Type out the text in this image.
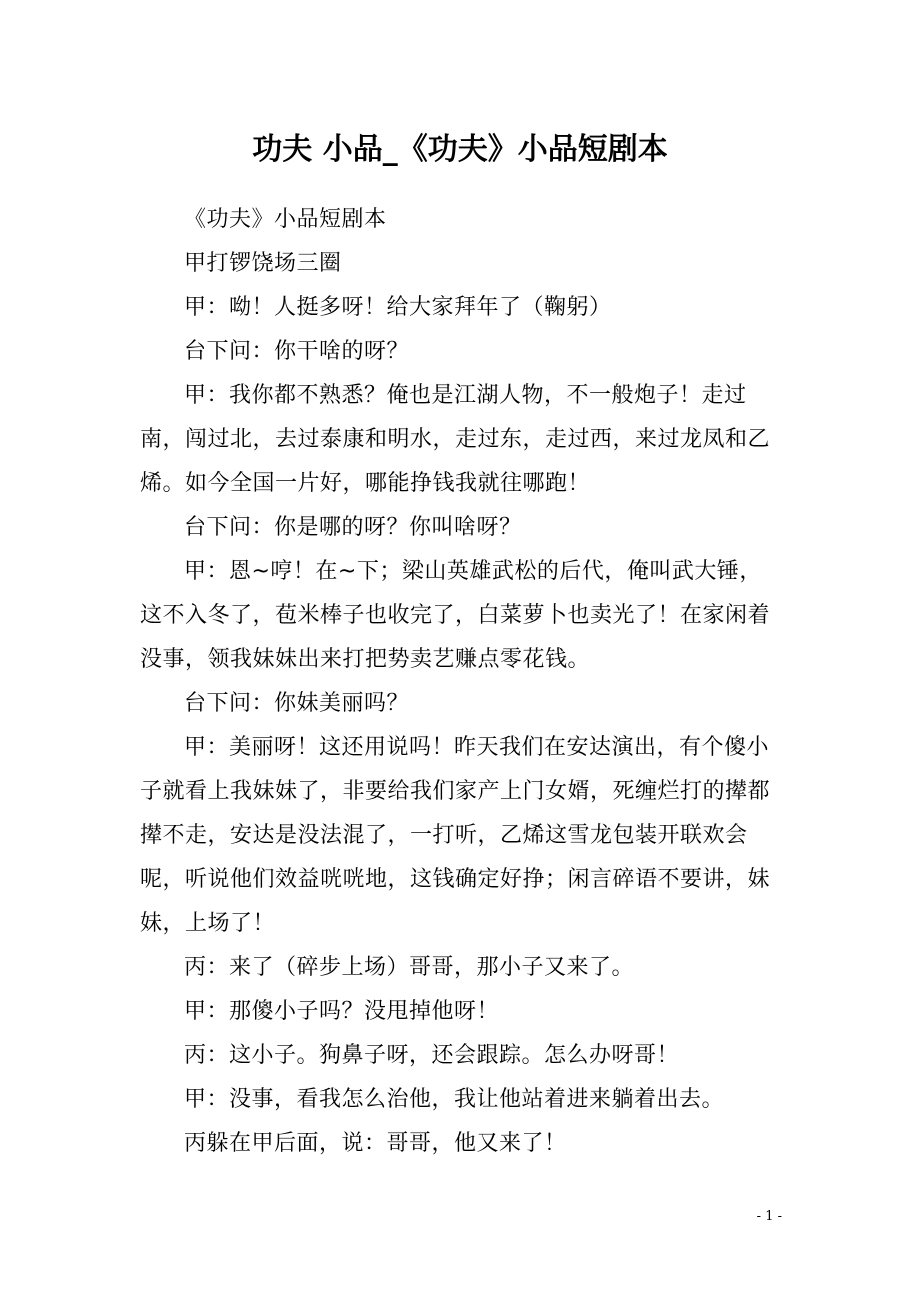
功夫 小品_《功夫》小品短剧本

《功夫》小品短剧本

甲打锣饶场三圈

甲：呦！人挺多呀！给大家拜年了（鞠躬）

台下问：你干啥的呀？

甲：我你都不熟悉？俺也是江湖人物，不一般炮子！走过南，闯过北，去过泰康和明水，走过东，走过西，来过龙凤和乙烯。如今全国一片好，哪能挣钱我就往哪跑！

台下问：你是哪的呀？你叫啥呀？

甲：恩~哼！在~下；梁山英雄武松的后代，俺叫武大锤，这不入冬了，苞米棒子也收完了，白菜萝卜也卖光了！在家闲着没事，领我妹妹出来打把势卖艺赚点零花钱。

台下问：你妹美丽吗？

甲：美丽呀！这还用说吗！昨天我们在安达演出，有个傻小子就看上我妹妹了，非要给我们家产上门女婿，死缠烂打的撵都撵不走，安达是没法混了，一打听，乙烯这雪龙包装开联欢会呢，听说他们效益咣咣地，这钱确定好挣；闲言碎语不要讲，妹妹，上场了！

丙：来了（碎步上场）哥哥，那小子又来了。

甲：那傻小子吗？没甩掉他呀！

丙：这小子。狗鼻子呀，还会跟踪。怎么办呀哥！

甲：没事，看我怎么治他，我让他站着进来躺着出去。

丙躲在甲后面，说：哥哥，他又来了！

- 1 -
